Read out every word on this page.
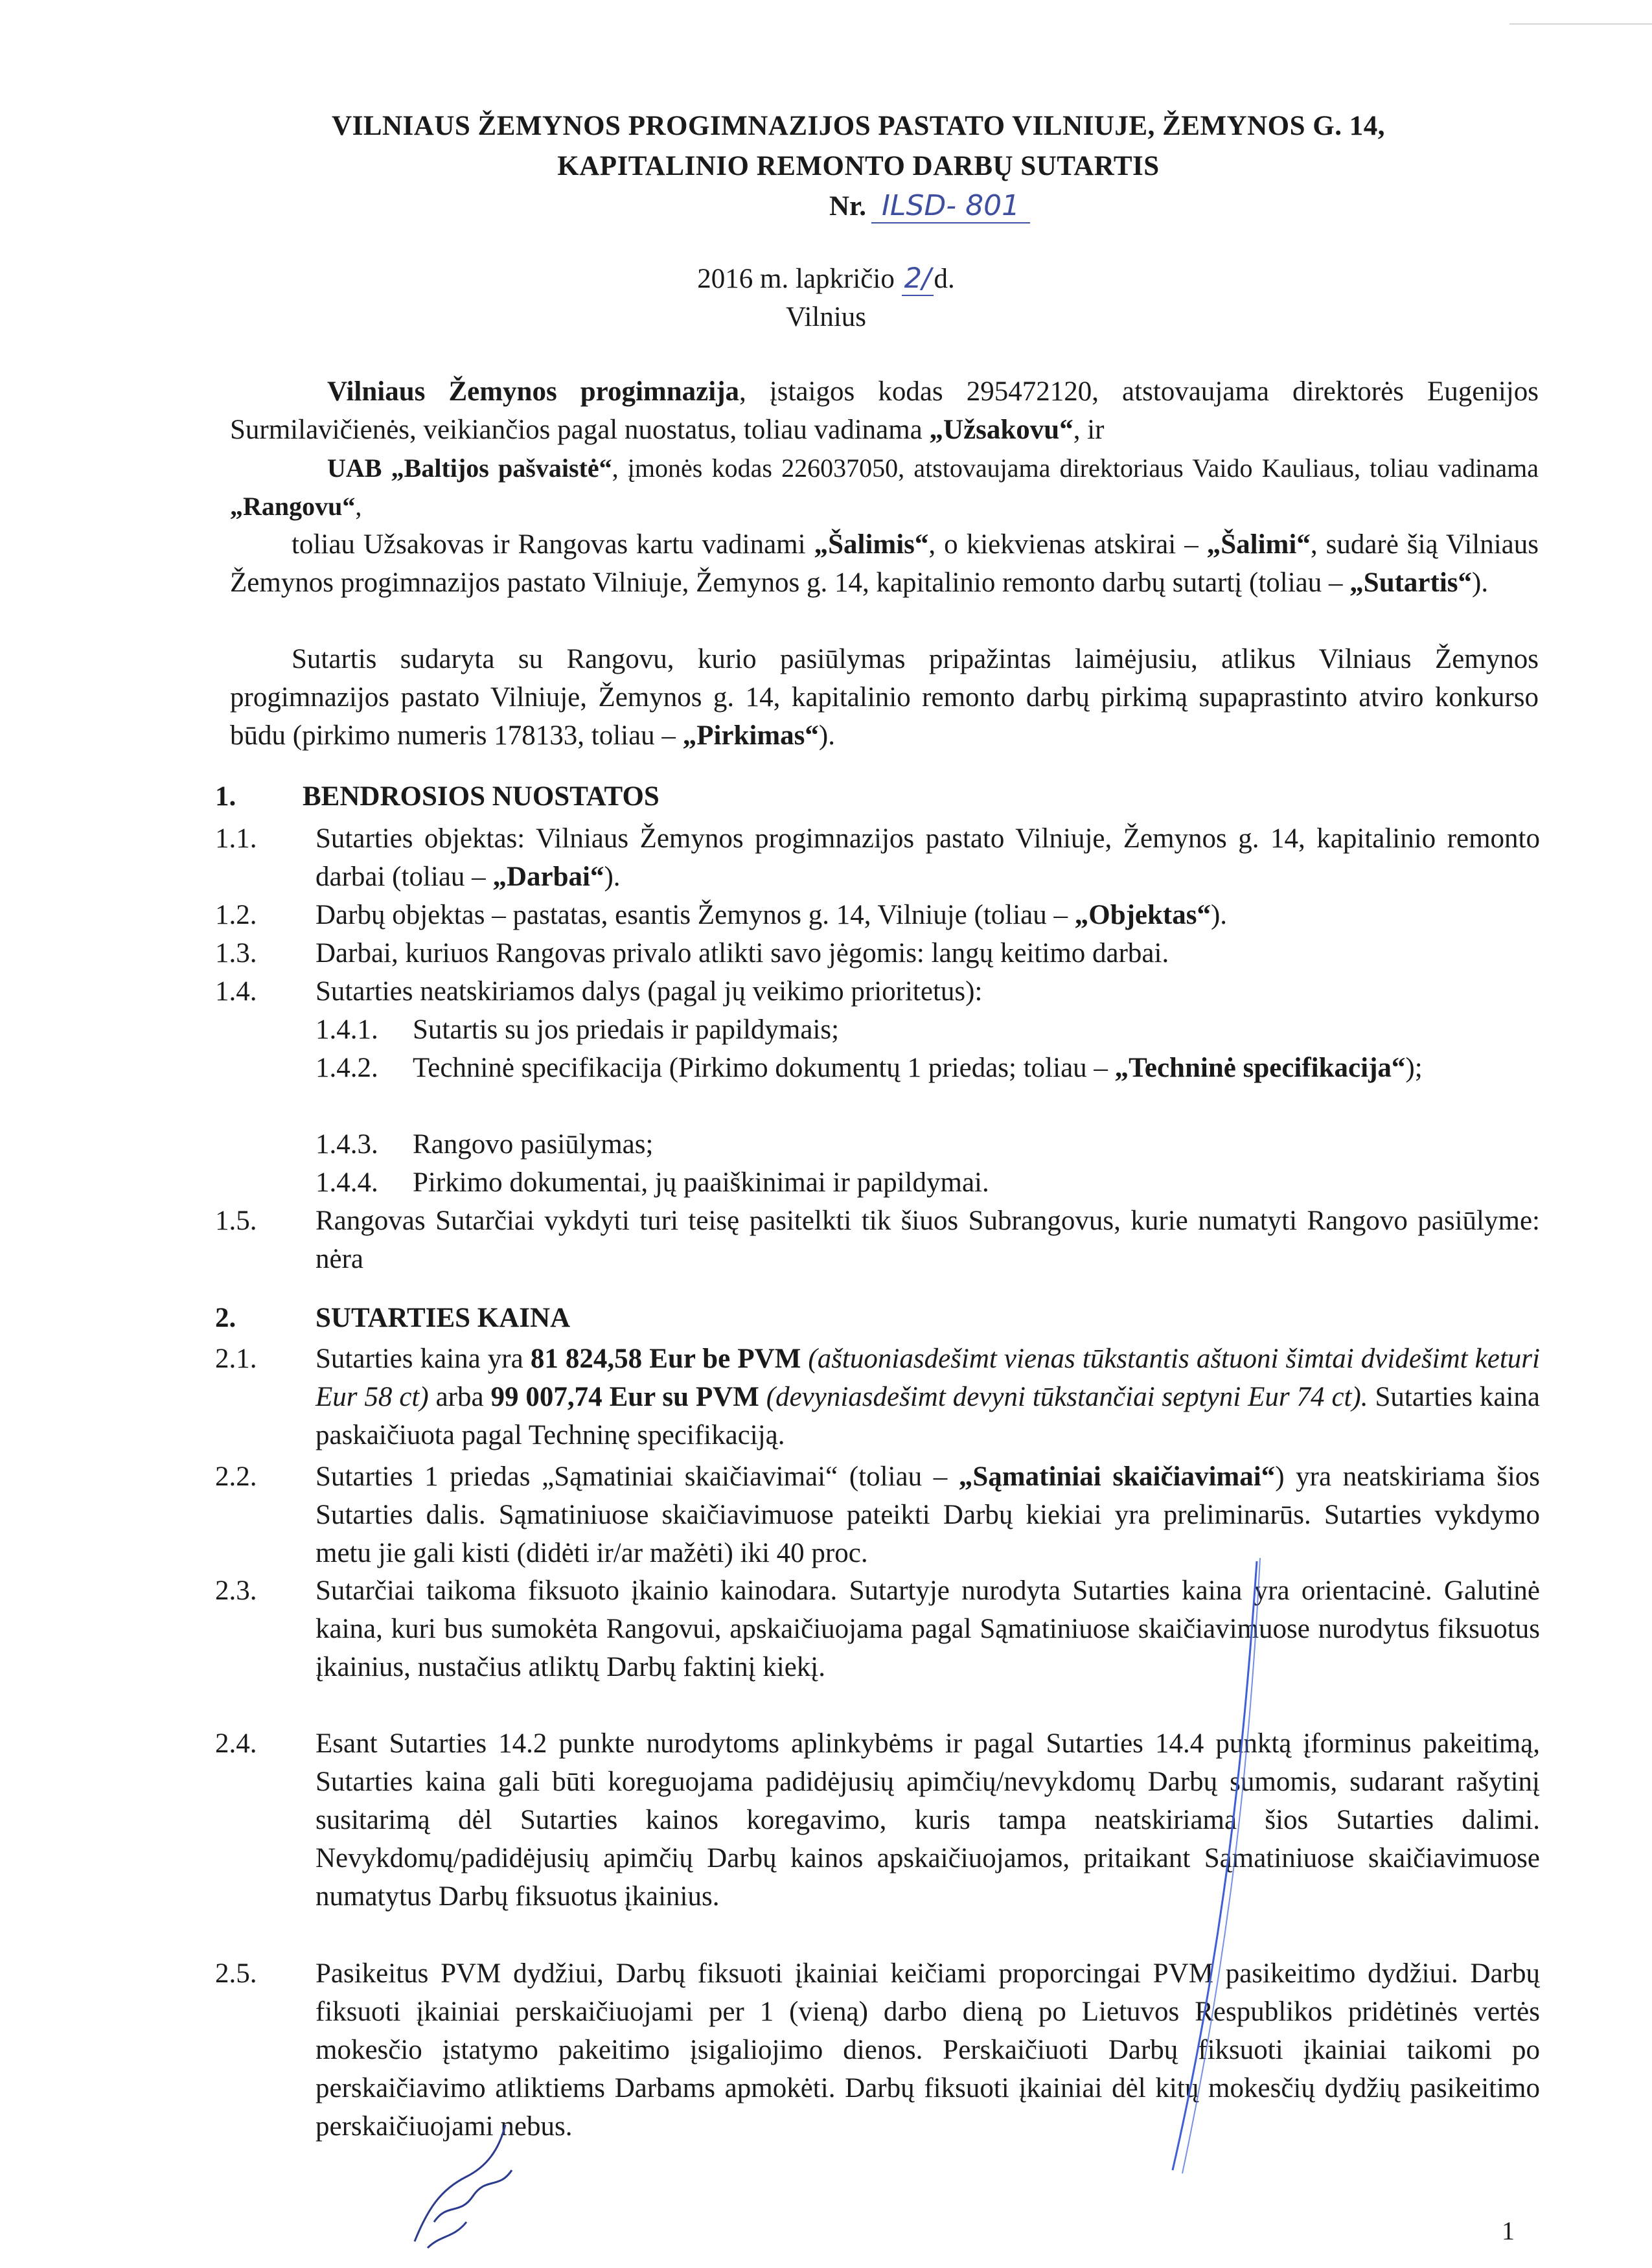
VILNIAUS ŽEMYNOS PROGIMNAZIJOS PASTATO VILNIUJE, ŽEMYNOS G. 14,
KAPITALINIO REMONTO DARBŲ SUTARTIS
Nr. ILSD- 801
2016 m. lapkričio 2/d.
Vilnius
Vilniaus Žemynos progimnazija, įstaigos kodas 295472120, atstovaujama direktorės Eugenijos Surmilavičienės, veikiančios pagal nuostatus, toliau vadinama „Užsakovu“, ir
UAB „Baltijos pašvaistė“, įmonės kodas 226037050, atstovaujama direktoriaus Vaido Kauliaus, toliau vadinama „Rangovu“,
toliau Užsakovas ir Rangovas kartu vadinami „Šalimis“, o kiekvienas atskirai – „Šalimi“, sudarė šią Vilniaus Žemynos progimnazijos pastato Vilniuje, Žemynos g. 14, kapitalinio remonto darbų sutartį (toliau – „Sutartis“).
Sutartis sudaryta su Rangovu, kurio pasiūlymas pripažintas laimėjusiu, atlikus Vilniaus Žemynos progimnazijos pastato Vilniuje, Žemynos g. 14, kapitalinio remonto darbų pirkimą supaprastinto atviro konkurso būdu (pirkimo numeris 178133, toliau – „Pirkimas“).
1. BENDROSIOS NUOSTATOS
1.1. Sutarties objektas: Vilniaus Žemynos progimnazijos pastato Vilniuje, Žemynos g. 14, kapitalinio remonto darbai (toliau – „Darbai“).
1.2. Darbų objektas – pastatas, esantis Žemynos g. 14, Vilniuje (toliau – „Objektas“).
1.3. Darbai, kuriuos Rangovas privalo atlikti savo jėgomis: langų keitimo darbai.
1.4. Sutarties neatskiriamos dalys (pagal jų veikimo prioritetus):
1.4.1. Sutartis su jos priedais ir papildymais;
1.4.2. Techninė specifikacija (Pirkimo dokumentų 1 priedas; toliau – „Techninė specifikacija“);
1.4.3. Rangovo pasiūlymas;
1.4.4. Pirkimo dokumentai, jų paaiškinimai ir papildymai.
1.5. Rangovas Sutarčiai vykdyti turi teisę pasitelkti tik šiuos Subrangovus, kurie numatyti Rangovo pasiūlyme: nėra
2.	SUTARTIES KAINA
2.1. Sutarties kaina yra 81 824,58 Eur be PVM (aštuoniasdešimt vienas tūkstantis aštuoni šimtai dvidešimt keturi Eur 58 ct) arba 99 007,74 Eur su PVM (devyniasdešimt devyni tūkstančiai septyni Eur 74 ct). Sutarties kaina paskaičiuota pagal Techninę specifikaciją.
2.2. Sutarties 1 priedas „Sąmatiniai skaičiavimai“ (toliau – „Sąmatiniai skaičiavimai“) yra neatskiriama šios Sutarties dalis. Sąmatiniuose skaičiavimuose pateikti Darbų kiekiai yra preliminarūs. Sutarties vykdymo metu jie gali kisti (didėti ir/ar mažėti) iki 40 proc.
2.3. Sutarčiai taikoma fiksuoto įkainio kainodara. Sutartyje nurodyta Sutarties kaina yra orientacinė. Galutinė kaina, kuri bus sumokėta Rangovui, apskaičiuojama pagal Sąmatiniuose skaičiavimuose nurodytus fiksuotus įkainius, nustačius atliktų Darbų faktinį kiekį.
2.4. Esant Sutarties 14.2 punkte nurodytoms aplinkybėms ir pagal Sutarties 14.4 punktą įforminus pakeitimą, Sutarties kaina gali būti koreguojama padidėjusių apimčių/nevykdomų Darbų sumomis, sudarant rašytinį susitarimą dėl Sutarties kainos koregavimo, kuris tampa neatskiriama šios Sutarties dalimi. Nevykdomų/padidėjusių apimčių Darbų kainos apskaičiuojamos, pritaikant Sąmatiniuose skaičiavimuose numatytus Darbų fiksuotus įkainius.
2.5. Pasikeitus PVM dydžiui, Darbų fiksuoti įkainiai keičiami proporcingai PVM pasikeitimo dydžiui. Darbų fiksuoti įkainiai perskaičiuojami per 1 (vieną) darbo dieną po Lietuvos Respublikos pridėtinės vertės mokesčio įstatymo pakeitimo įsigaliojimo dienos. Perskaičiuoti Darbų fiksuoti įkainiai taikomi po perskaičiavimo atliktiems Darbams apmokėti. Darbų fiksuoti įkainiai dėl kitų mokesčių dydžių pasikeitimo perskaičiuojami nebus.
1
